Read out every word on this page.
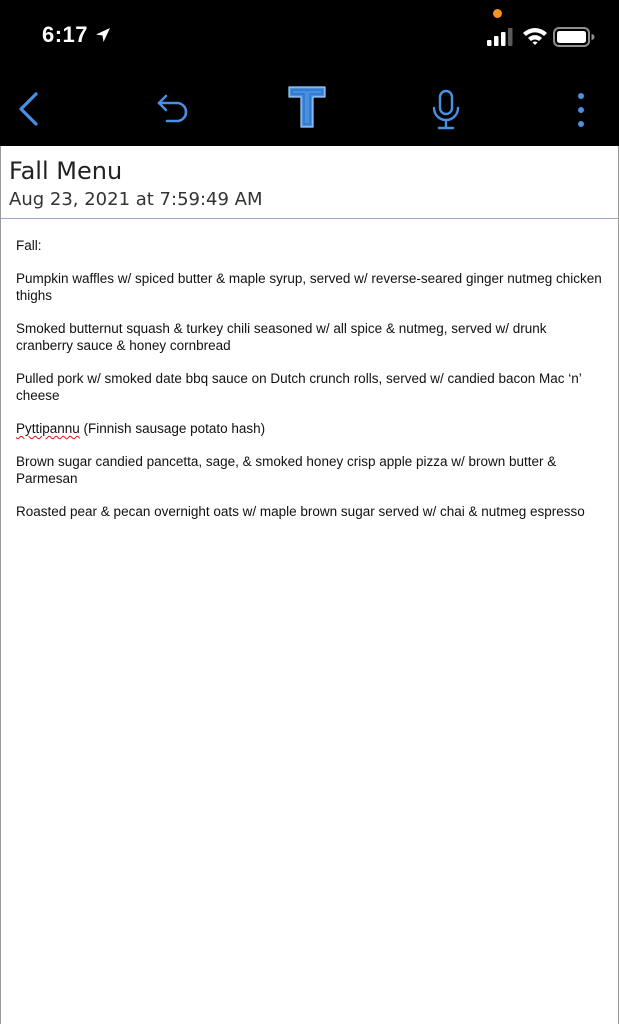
6:17
Fall Menu
Aug 23, 2021 at 7:59:49 AM

Fall:

Pumpkin waffles w/ spiced butter & maple syrup, served w/ reverse-seared ginger nutmeg chicken thighs

Smoked butternut squash & turkey chili seasoned w/ all spice & nutmeg, served w/ drunk cranberry sauce & honey cornbread

Pulled pork w/ smoked date bbq sauce on Dutch crunch rolls, served w/ candied bacon Mac ‘n’ cheese

Pyttipannu (Finnish sausage potato hash)

Brown sugar candied pancetta, sage, & smoked honey crisp apple pizza w/ brown butter & Parmesan

Roasted pear & pecan overnight oats w/ maple brown sugar served w/ chai & nutmeg espresso
